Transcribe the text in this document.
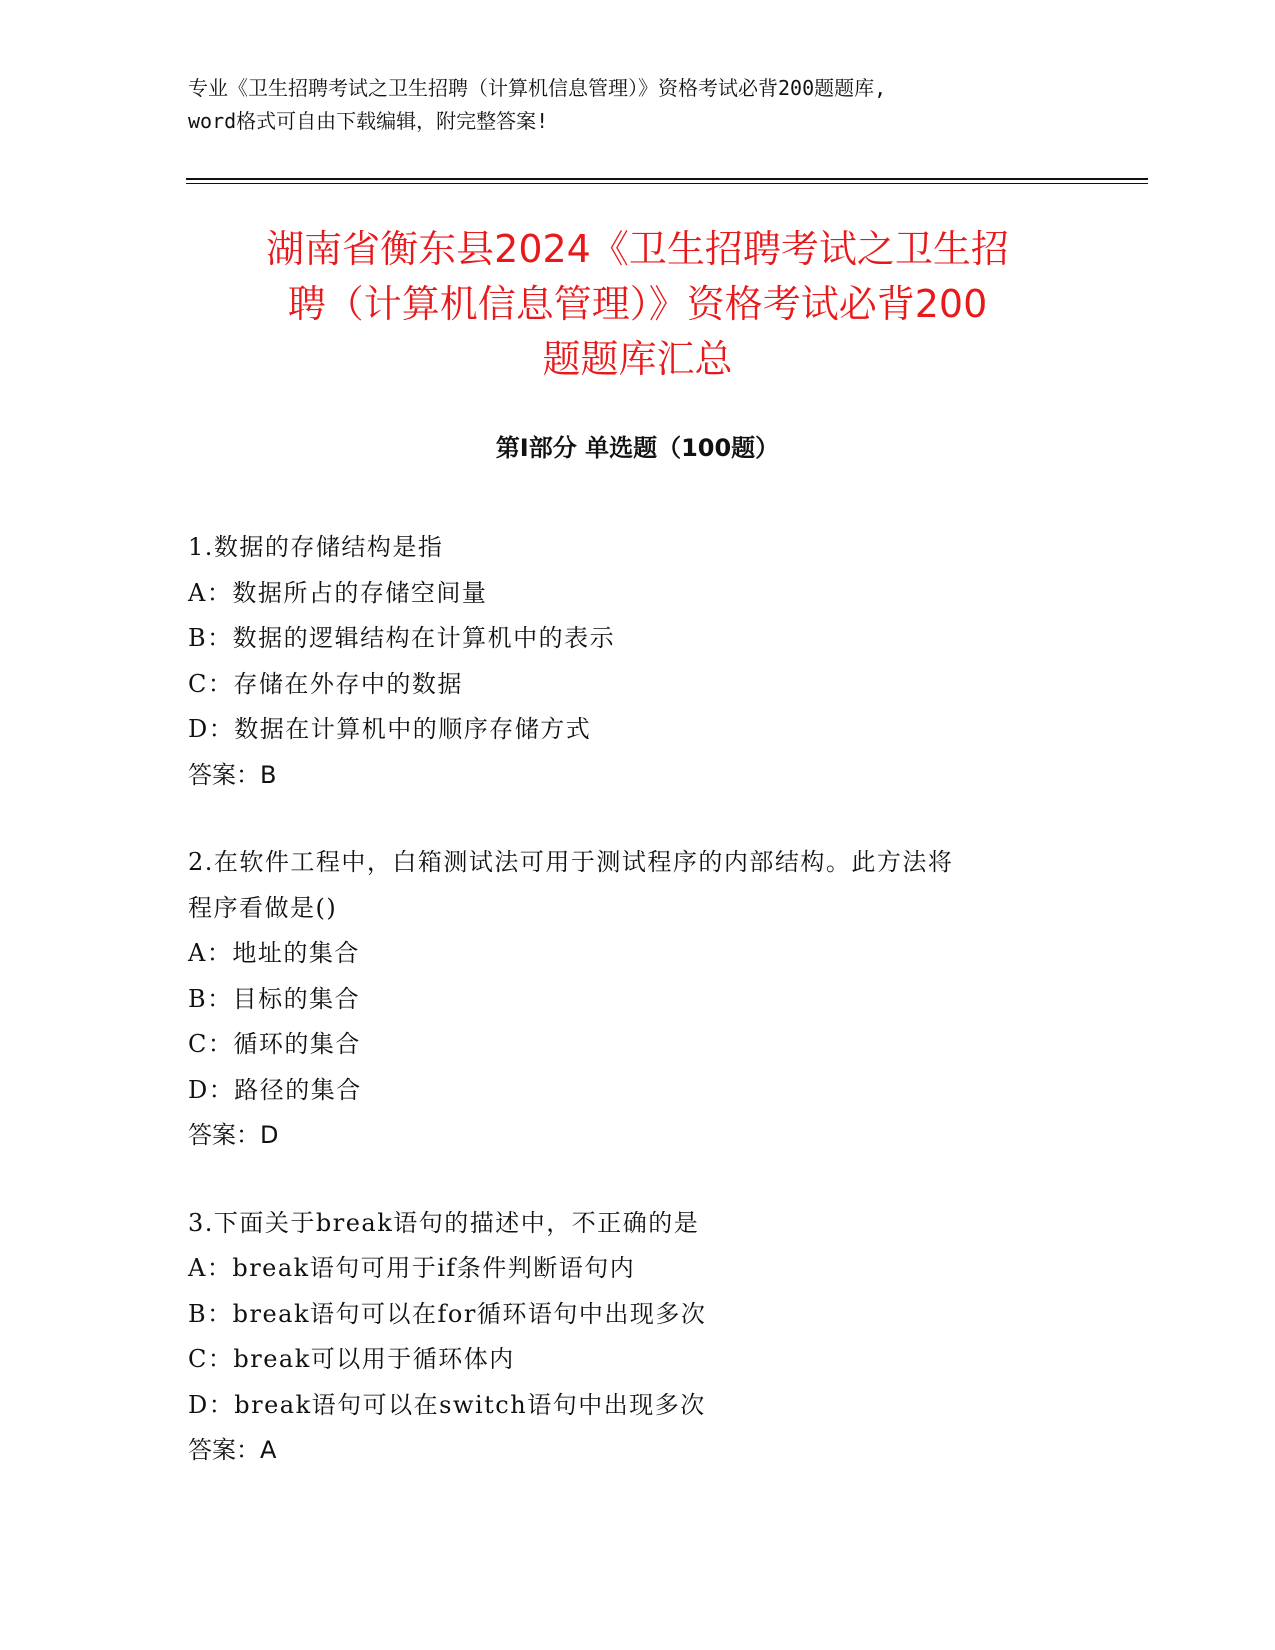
专业《卫生招聘考试之卫生招聘（计算机信息管理）》资格考试必背200题题库,
word格式可自由下载编辑，附完整答案!
湖南省衡东县2024《卫生招聘考试之卫生招
聘（计算机信息管理）》资格考试必背200
题题库汇总
第Ⅰ部分 单选题（100题）
1.数据的存储结构是指
A：数据所占的存储空间量
B：数据的逻辑结构在计算机中的表示
C：存储在外存中的数据
D：数据在计算机中的顺序存储方式
答案：B
2.在软件工程中，白箱测试法可用于测试程序的内部结构。此方法将
程序看做是()
A：地址的集合
B：目标的集合
C：循环的集合
D：路径的集合
答案：D
3.下面关于break语句的描述中，不正确的是
A：break语句可用于if条件判断语句内
B：break语句可以在for循环语句中出现多次
C：break可以用于循环体内
D：break语句可以在switch语句中出现多次
答案：A
